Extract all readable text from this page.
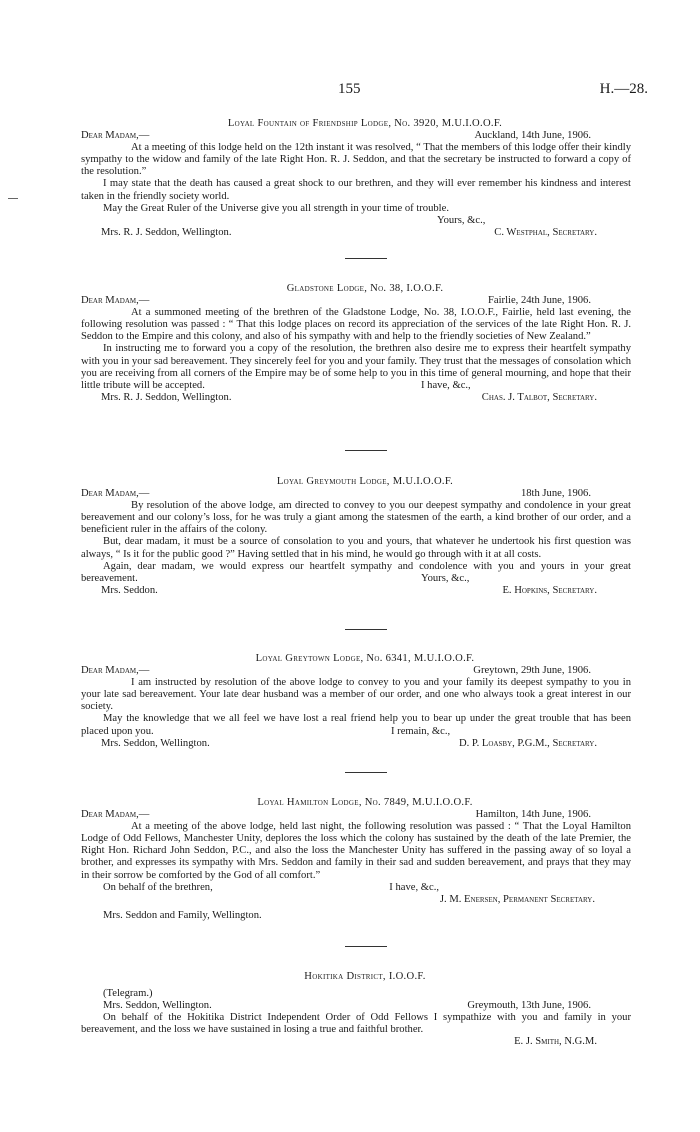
155	H.—28.
Loyal Fountain of Friendship Lodge, No. 3920, M.U.I.O.O.F.
Dear Madam,—	Auckland, 14th June, 1906.

At a meeting of this lodge held on the 12th instant it was resolved, “ That the members of this lodge offer their kindly sympathy to the widow and family of the late Right Hon. R. J. Seddon, and that the secretary be instructed to forward a copy of the resolution.”

I may state that the death has caused a great shock to our brethren, and they will ever remember his kindness and interest taken in the friendly society world.

May the Great Ruler of the Universe give you all strength in your time of trouble.

Yours, &c.,
Mrs. R. J. Seddon, Wellington.	C. Westphal, Secretary.
Gladstone Lodge, No. 38, I.O.O.F.
Dear Madam,—	Fairlie, 24th June, 1906.

At a summoned meeting of the brethren of the Gladstone Lodge, No. 38, I.O.O.F., Fairlie, held last evening, the following resolution was passed : “ That this lodge places on record its appreciation of the services of the late Right Hon. R. J. Seddon to the Empire and this colony, and also of his sympathy with and help to the friendly societies of New Zealand.”

In instructing me to forward you a copy of the resolution, the brethren also desire me to express their heartfelt sympathy with you in your sad bereavement. They sincerely feel for you and your family. They trust that the messages of consolation which you are receiving from all corners of the Empire may be of some help to you in this time of general mourning, and hope that their little tribute will be accepted.	I have, &c.,
Mrs. R. J. Seddon, Wellington.	Chas. J. Talbot, Secretary.
Loyal Greymouth Lodge, M.U.I.O.O.F.
Dear Madam,—	18th June, 1906.

By resolution of the above lodge, am directed to convey to you our deepest sympathy and condolence in your great bereavement and our colony’s loss, for he was truly a giant among the statesmen of the earth, a kind brother of our order, and a beneficient ruler in the affairs of the colony.

But, dear madam, it must be a source of consolation to you and yours, that whatever he undertook his first question was always, “ Is it for the public good ?” Having settled that in his mind, he would go through with it at all costs.

Again, dear madam, we would express our heartfelt sympathy and condolence with you and yours in your great bereavement.	Yours, &c.,
Mrs. Seddon.	E. Hopkins, Secretary.
Loyal Greytown Lodge, No. 6341, M.U.I.O.O.F.
Dear Madam,—	Greytown, 29th June, 1906.

I am instructed by resolution of the above lodge to convey to you and your family its deepest sympathy to you in your late sad bereavement. Your late dear husband was a member of our order, and one who always took a great interest in our society.

May the knowledge that we all feel we have lost a real friend help you to bear up under the great trouble that has been placed upon you.	I remain, &c.,
Mrs. Seddon, Wellington.	D. P. Loasby, P.G.M., Secretary.
Loyal Hamilton Lodge, No. 7849, M.U.I.O.O.F.
Dear Madam,—	Hamilton, 14th June, 1906.

At a meeting of the above lodge, held last night, the following resolution was passed : “ That the Loyal Hamilton Lodge of Odd Fellows, Manchester Unity, deplores the loss which the colony has sustained by the death of the late Premier, the Right Hon. Richard John Seddon, P.C., and also the loss the Manchester Unity has suffered in the passing away of so loyal a brother, and expresses its sympathy with Mrs. Seddon and family in their sad and sudden bereavement, and prays that they may in their sorrow be comforted by the God of all comfort.”

On behalf of the brethren,	I have, &c.,
J. M. Enersen, Permanent Secretary.
Mrs. Seddon and Family, Wellington.
Hokitika District, I.O.O.F.
(Telegram.)
Mrs. Seddon, Wellington.	Greymouth, 13th June, 1906.

On behalf of the Hokitika District Independent Order of Odd Fellows I sympathize with you and family in your bereavement, and the loss we have sustained in losing a true and faithful brother.

E. J. Smith, N.G.M.
